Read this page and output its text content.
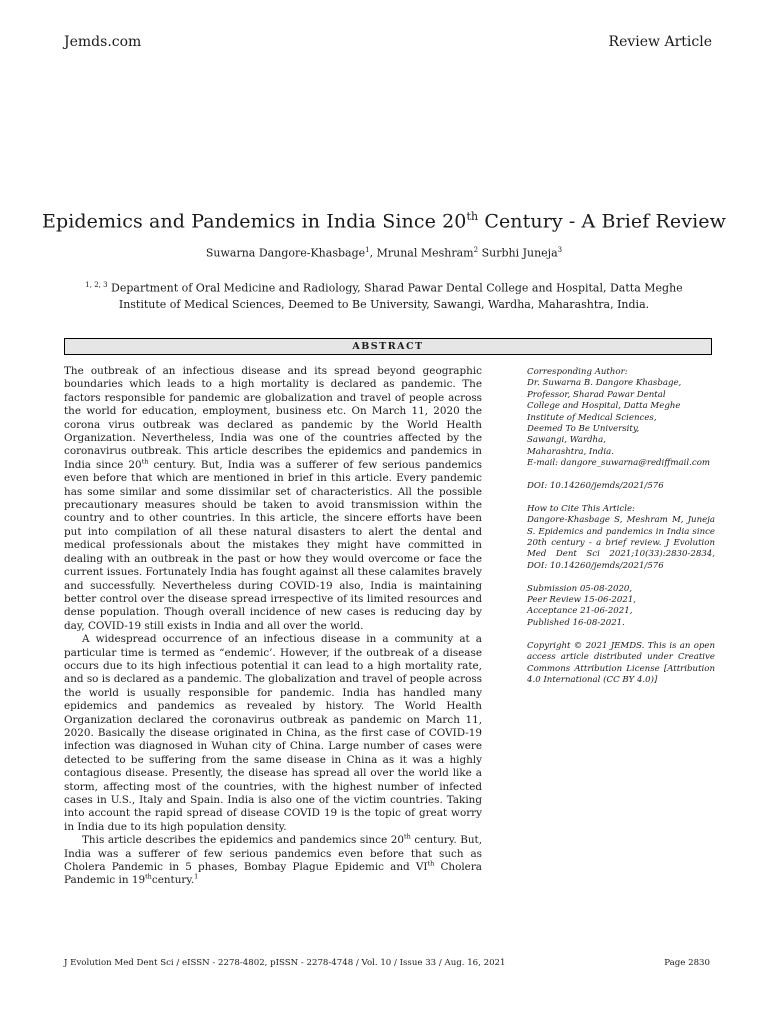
Jemds.com	Review Article
Epidemics and Pandemics in India Since 20th Century - A Brief Review
Suwarna Dangore-Khasbage$^1$, Mrunal Meshram$^2$ Surbhi Juneja$^3$
$^{1, 2, 3}$ Department of Oral Medicine and Radiology, Sharad Pawar Dental College and Hospital, Datta Meghe
Institute of Medical Sciences, Deemed to Be University, Sawangi, Wardha, Maharashtra, India.
ABSTRACT

The outbreak of an infectious disease and its spread beyond geographic boundaries which leads to a high mortality is declared as pandemic. The factors responsible for pandemic are globalization and travel of people across the world for education, employment, business etc. On March 11, 2020 the corona virus outbreak was declared as pandemic by the World Health Organization. Nevertheless, India was one of the countries affected by the coronavirus outbreak. This article describes the epidemics and pandemics in India since 20th century. But, India was a sufferer of few serious pandemics even before that which are mentioned in brief in this article. Every pandemic has some similar and some dissimilar set of characteristics. All the possible precautionary measures should be taken to avoid transmission within the country and to other countries. In this article, the sincere efforts have been put into compilation of all these natural disasters to alert the dental and medical professionals about the mistakes they might have committed in dealing with an outbreak in the past or how they would overcome or face the current issues. Fortunately India has fought against all these calamites bravely and successfully. Nevertheless during COVID-19 also, India is maintaining better control over the disease spread irrespective of its limited resources and dense population. Though overall incidence of new cases is reducing day by day, COVID-19 still exists in India and all over the world.

A widespread occurrence of an infectious disease in a community at a particular time is termed as “endemic’. However, if the outbreak of a disease occurs due to its high infectious potential it can lead to a high mortality rate, and so is declared as a pandemic. The globalization and travel of people across the world is usually responsible for pandemic. India has handled many epidemics and pandemics as revealed by history. The World Health Organization declared the coronavirus outbreak as pandemic on March 11, 2020. Basically the disease originated in China, as the first case of COVID-19 infection was diagnosed in Wuhan city of China. Large number of cases were detected to be suffering from the same disease in China as it was a highly contagious disease. Presently, the disease has spread all over the world like a storm, affecting most of the countries, with the highest number of infected cases in U.S., Italy and Spain. India is also one of the victim countries. Taking into account the rapid spread of disease COVID 19 is the topic of great worry in India due to its high population density.

This article describes the epidemics and pandemics since 20th century. But, India was a sufferer of few serious pandemics even before that such as Cholera Pandemic in 5 phases, Bombay Plague Epidemic and VIth Cholera Pandemic in 19thcentury.$^1$

Corresponding Author:
Dr. Suwarna B. Dangore Khasbage,
Professor, Sharad Pawar Dental
College and Hospital, Datta Meghe
Institute of Medical Sciences,
Deemed To Be University,
Sawangi, Wardha,
Maharashtra, India.
E-mail: dangore_suwarna@rediffmail.com
DOI: 10.14260/jemds/2021/576
How to Cite This Article:
Dangore-Khasbage S, Meshram M, Juneja S. Epidemics and pandemics in India since 20th century - a brief review. J Evolution Med Dent Sci 2021;10(33):2830-2834, DOI: 10.14260/jemds/2021/576
Submission 05-08-2020,
Peer Review 15-06-2021,
Acceptance 21-06-2021,
Published 16-08-2021.
Copyright © 2021 JEMDS. This is an open access article distributed under Creative Commons Attribution License [Attribution 4.0 International (CC BY 4.0)]
J Evolution Med Dent Sci / eISSN - 2278-4802, pISSN - 2278-4748 / Vol. 10 / Issue 33 / Aug. 16, 2021	Page 2830
